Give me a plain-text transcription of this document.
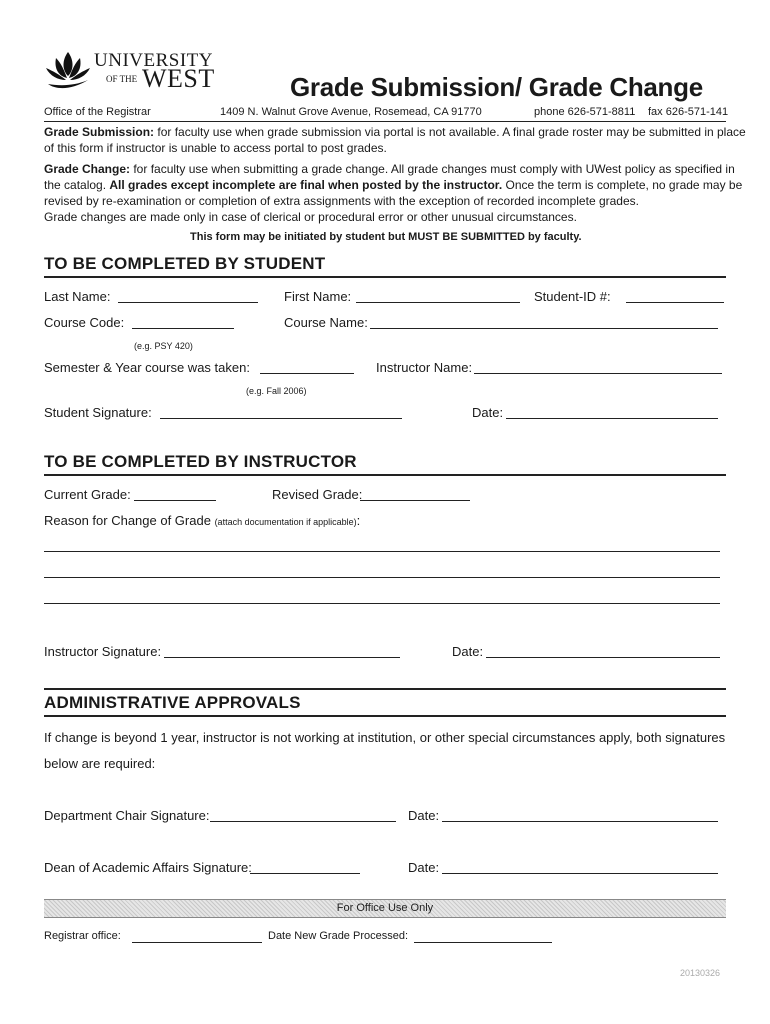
UNIVERSITY
OF THE WEST	Grade Submission/ Grade Change
Office of the Registrar	1409 N. Walnut Grove Avenue, Rosemead, CA 91770	phone 626-571-8811 fax 626-571-141
Grade Submission: for faculty use when grade submission via portal is not available. A final grade roster may be submitted in place
of this form if instructor is unable to access portal to post grades.
Grade Change: for faculty use when submitting a grade change. All grade changes must comply with UWest policy as specified in
the catalog. All grades except incomplete are final when posted by the instructor. Once the term is complete, no grade may be
revised by re-examination or completion of extra assignments with the exception of recorded incomplete grades.
Grade changes are made only in case of clerical or procedural error or other unusual circumstances.
This form may be initiated by student but MUST BE SUBMITTED by faculty.
TO BE COMPLETED BY STUDENT
Last Name:	First Name:	Student-ID #:
Course Code:	Course Name:
(e.g. PSY 420)
Semester & Year course was taken:	Instructor Name:
(e.g. Fall 2006)
Student Signature:	Date:
TO BE COMPLETED BY INSTRUCTOR
Current Grade:	Revised Grade:
Reason for Change of Grade (attach documentation if applicable):
Instructor Signature:	Date:
ADMINISTRATIVE APPROVALS
If change is beyond 1 year, instructor is not working at institution, or other special circumstances apply, both signatures
below are required:
Department Chair Signature:	Date:
Dean of Academic Affairs Signature:	Date:
For Office Use Only
Registrar office:	Date New Grade Processed:
20130326
